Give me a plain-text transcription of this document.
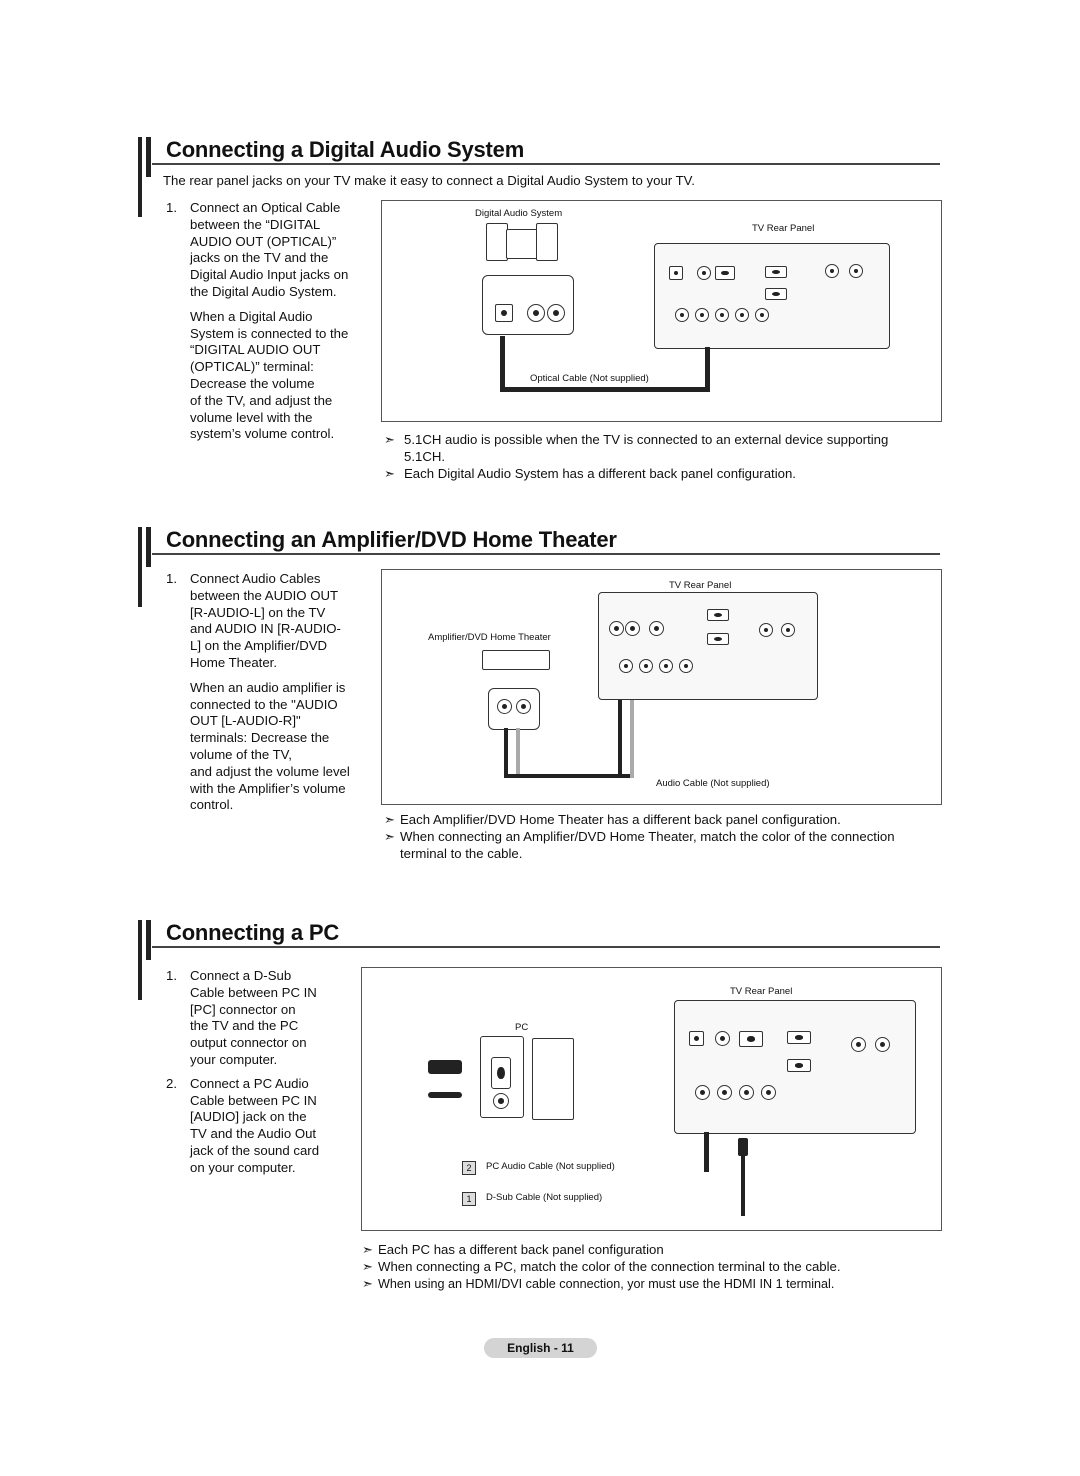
Connecting a Digital Audio System
The rear panel jacks on your TV make it easy to connect a Digital Audio System to your TV.
1. Connect an Optical Cable
between the “DIGITAL
AUDIO OUT (OPTICAL)”
jacks on the TV and the
Digital Audio Input jacks on
the Digital Audio System.
When a Digital Audio
System is connected to the
“DIGITAL AUDIO OUT
(OPTICAL)” terminal:
Decrease the volume
of the TV, and adjust the
volume level with the
system’s volume control.
Digital Audio System
TV Rear Panel
Optical Cable (Not supplied)
➣ 5.1CH audio is possible when the TV is connected to an external device supporting 5.1CH.
➣ Each Digital Audio System has a different back panel configuration.
Connecting an Amplifier/DVD Home Theater
1. Connect Audio Cables
between the AUDIO OUT
[R-AUDIO-L] on the TV
and AUDIO IN [R-AUDIO-
L] on the Amplifier/DVD
Home Theater.
When an audio amplifier is
connected to the "AUDIO
OUT [L-AUDIO-R]"
terminals: Decrease the
volume of the TV,
and adjust the volume level
with the Amplifier’s volume
control.
TV Rear Panel
Amplifier/DVD Home Theater
Audio Cable (Not supplied)
➣ Each Amplifier/DVD Home Theater has a different back panel configuration.
➣ When connecting an Amplifier/DVD Home Theater, match the color of the connection terminal to the cable.
Connecting a PC
1. Connect a D-Sub
Cable between PC IN
[PC] connector on
the TV and the PC
output connector on
your computer.
2. Connect a PC Audio
Cable between PC IN
[AUDIO] jack on the
TV and the Audio Out
jack of the sound card
on your computer.
TV Rear Panel
PC
2	PC Audio Cable (Not supplied)
1	D-Sub Cable (Not supplied)
➣ Each PC has a different back panel configuration
➣ When connecting a PC, match the color of the connection terminal to the cable.
➣ When using an HDMI/DVI cable connection, yor must use the HDMI IN 1 terminal.
English - 11
